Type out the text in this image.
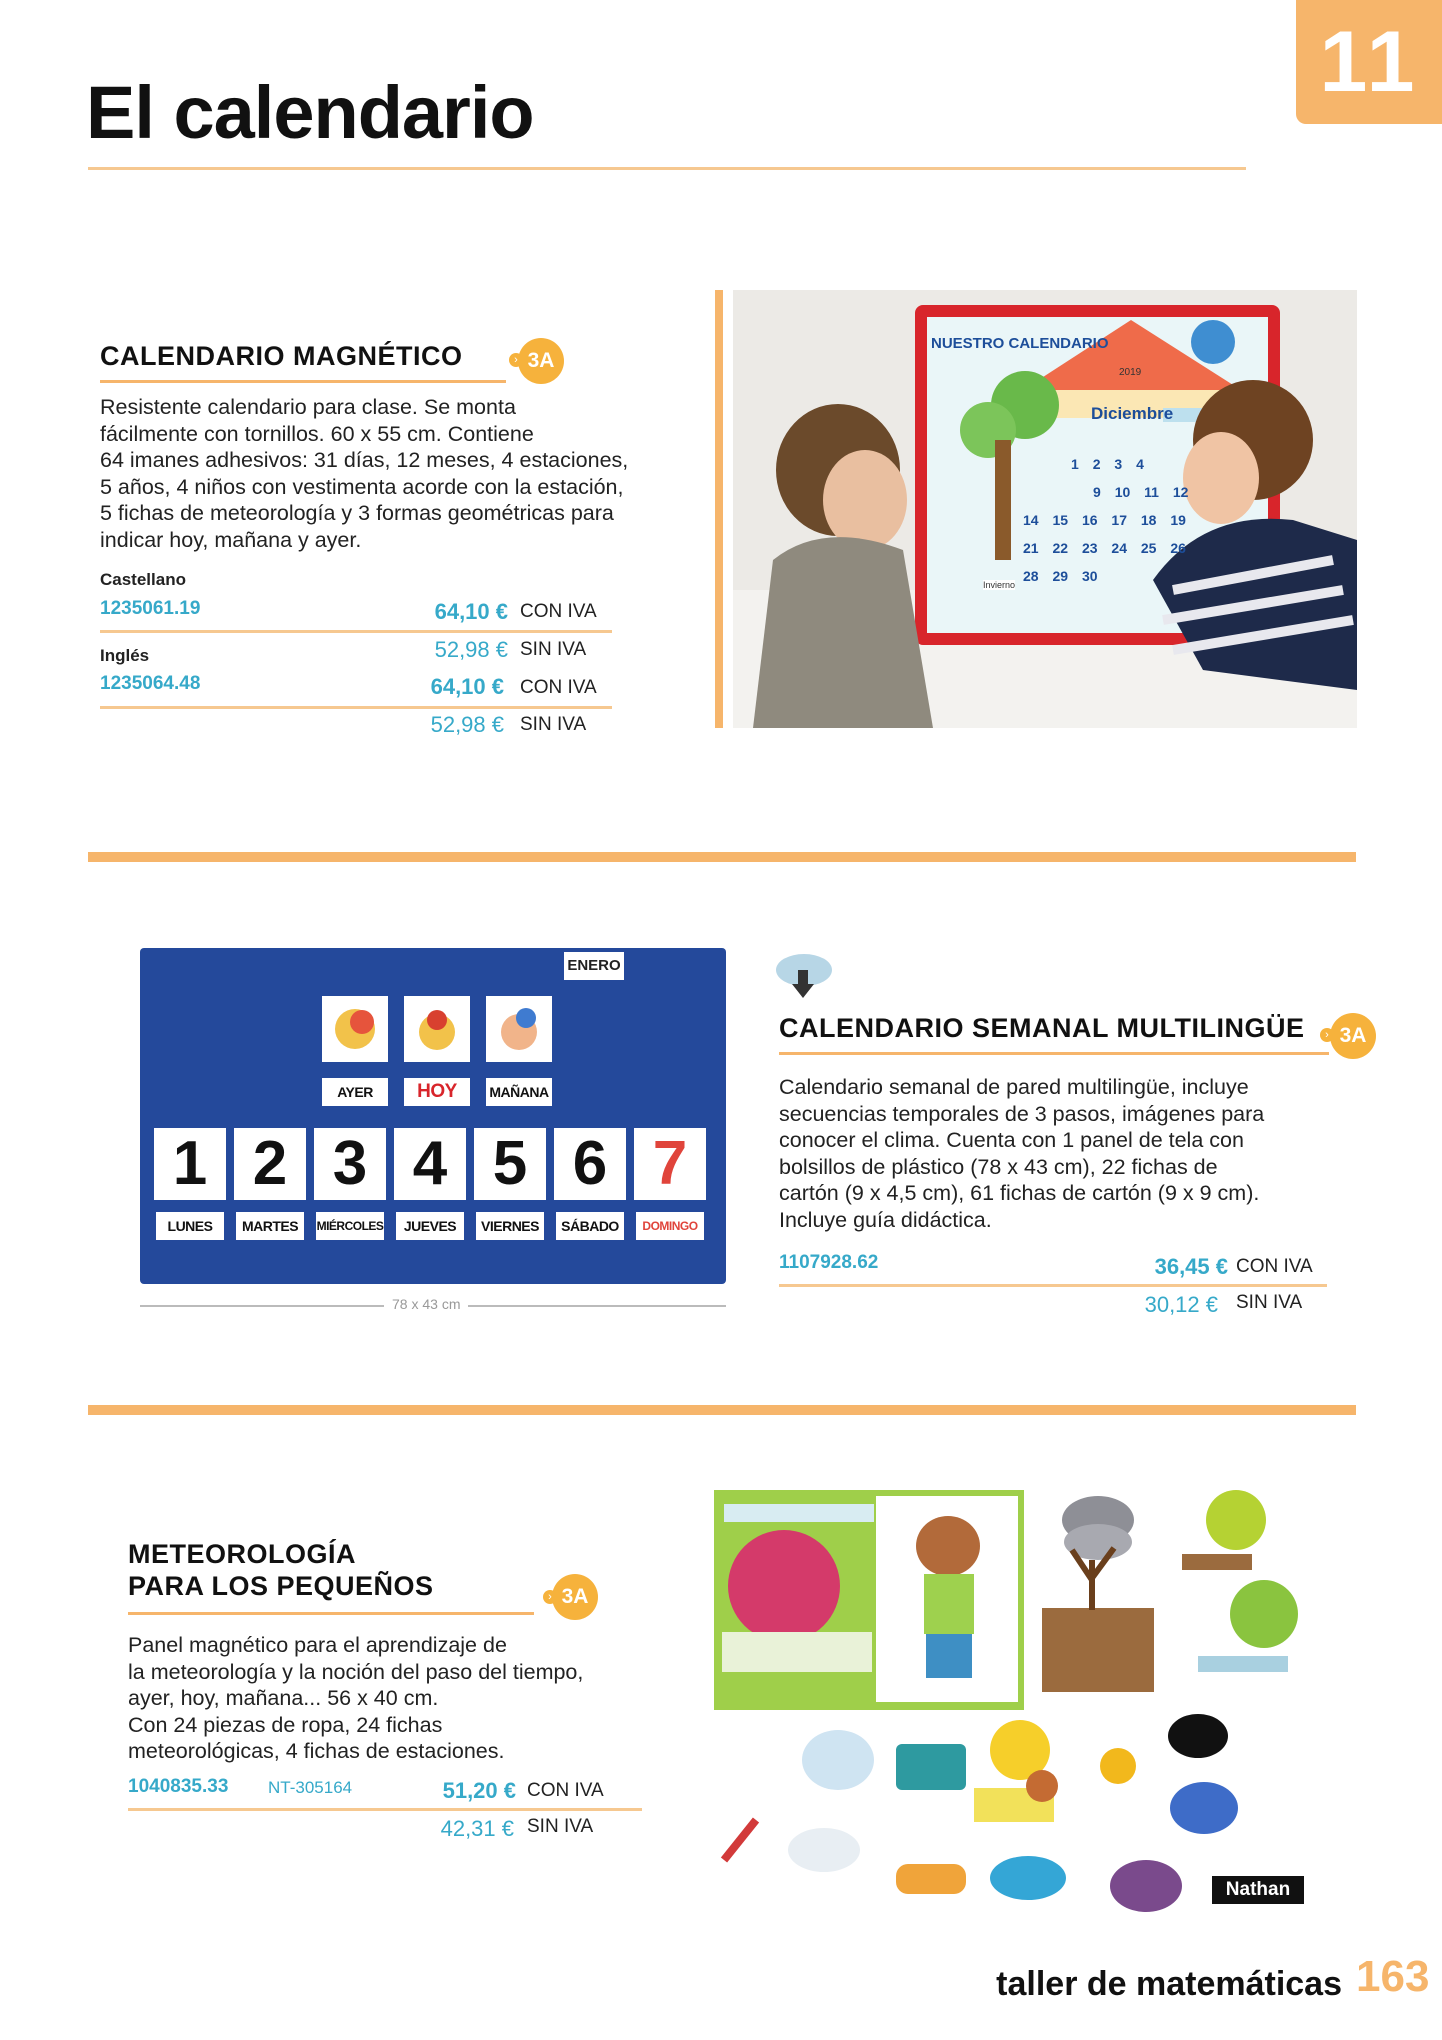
11
El calendario
CALENDARIO MAGNÉTICO	› 3A
Resistente calendario para clase. Se monta
fácilmente con tornillos. 60 x 55 cm. Contiene
64 imanes adhesivos: 31 días, 12 meses, 4 estaciones,
5 años, 4 niños con vestimenta acorde con la estación,
5 fichas de meteorología y 3 formas geométricas para
indicar hoy, mañana y ayer.
Castellano
1235061.19	64,10 € CON IVA
52,98 € SIN IVA
Inglés
1235064.48	64,10 € CON IVA
52,98 € SIN IVA
NUESTRO CALENDARIO
2019
Diciembre
Invierno
1 2 3 4
9 10 11 12
14 15 16 17 18 19
21 22 23 24 25 26
28 29 30
ENERO
AYER	HOY	MAÑANA
1 2 3 4 5 6 7
LUNES	MARTES	MIÉRCOLES	JUEVES	VIERNES	SÁBADO	DOMINGO
78 x 43 cm
CALENDARIO SEMANAL MULTILINGÜE	› 3A
Calendario semanal de pared multilingüe, incluye
secuencias temporales de 3 pasos, imágenes para
conocer el clima. Cuenta con 1 panel de tela con
bolsillos de plástico (78 x 43 cm), 22 fichas de
cartón (9 x 4,5 cm), 61 fichas de cartón (9 x 9 cm).
Incluye guía didáctica.
1107928.62	36,45 € CON IVA
30,12 € SIN IVA
METEOROLOGÍA
PARA LOS PEQUEÑOS	› 3A
Panel magnético para el aprendizaje de
la meteorología y la noción del paso del tiempo,
ayer, hoy, mañana... 56 x 40 cm.
Con 24 piezas de ropa, 24 fichas
meteorológicas, 4 fichas de estaciones.
1040835.33 NT-305164	51,20 € CON IVA
42,31 € SIN IVA
Nathan
taller de matemáticas 163
